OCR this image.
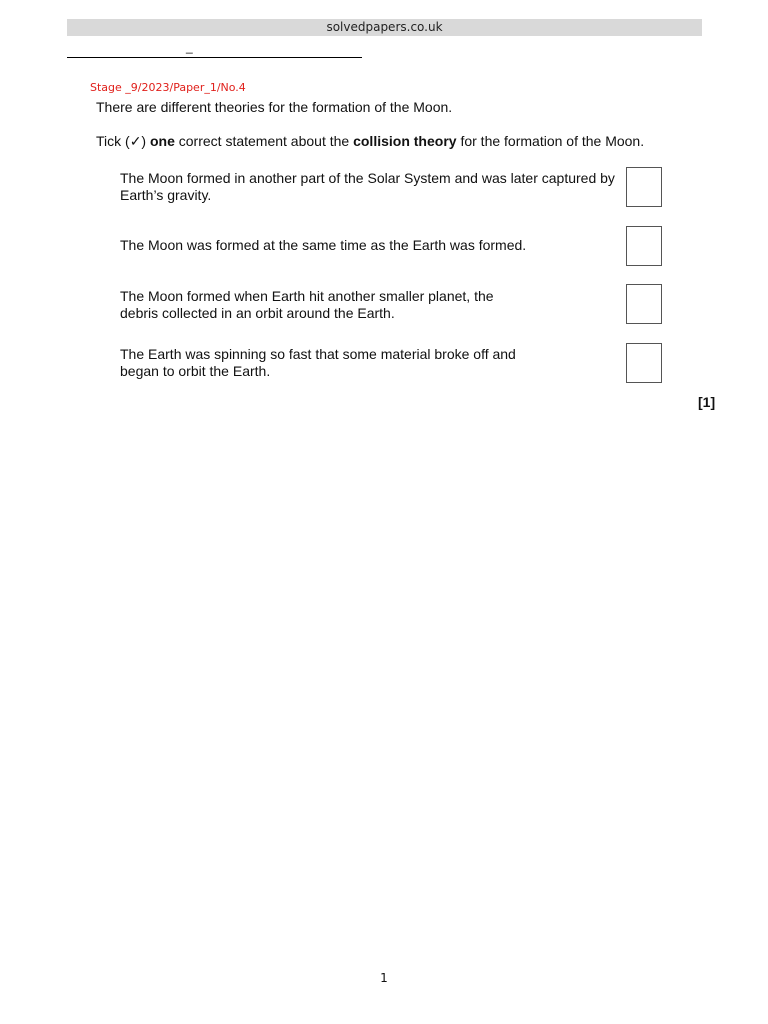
solvedpapers.co.uk
_
Stage _9/2023/Paper_1/No.4
There are different theories for the formation of the Moon.
Tick (✓) one correct statement about the collision theory for the formation of the Moon.
The Moon formed in another part of the Solar System and was later captured by Earth’s gravity.
The Moon was formed at the same time as the Earth was formed.
The Moon formed when Earth hit another smaller planet, the debris collected in an orbit around the Earth.
The Earth was spinning so fast that some material broke off and began to orbit the Earth.
[1]
1
